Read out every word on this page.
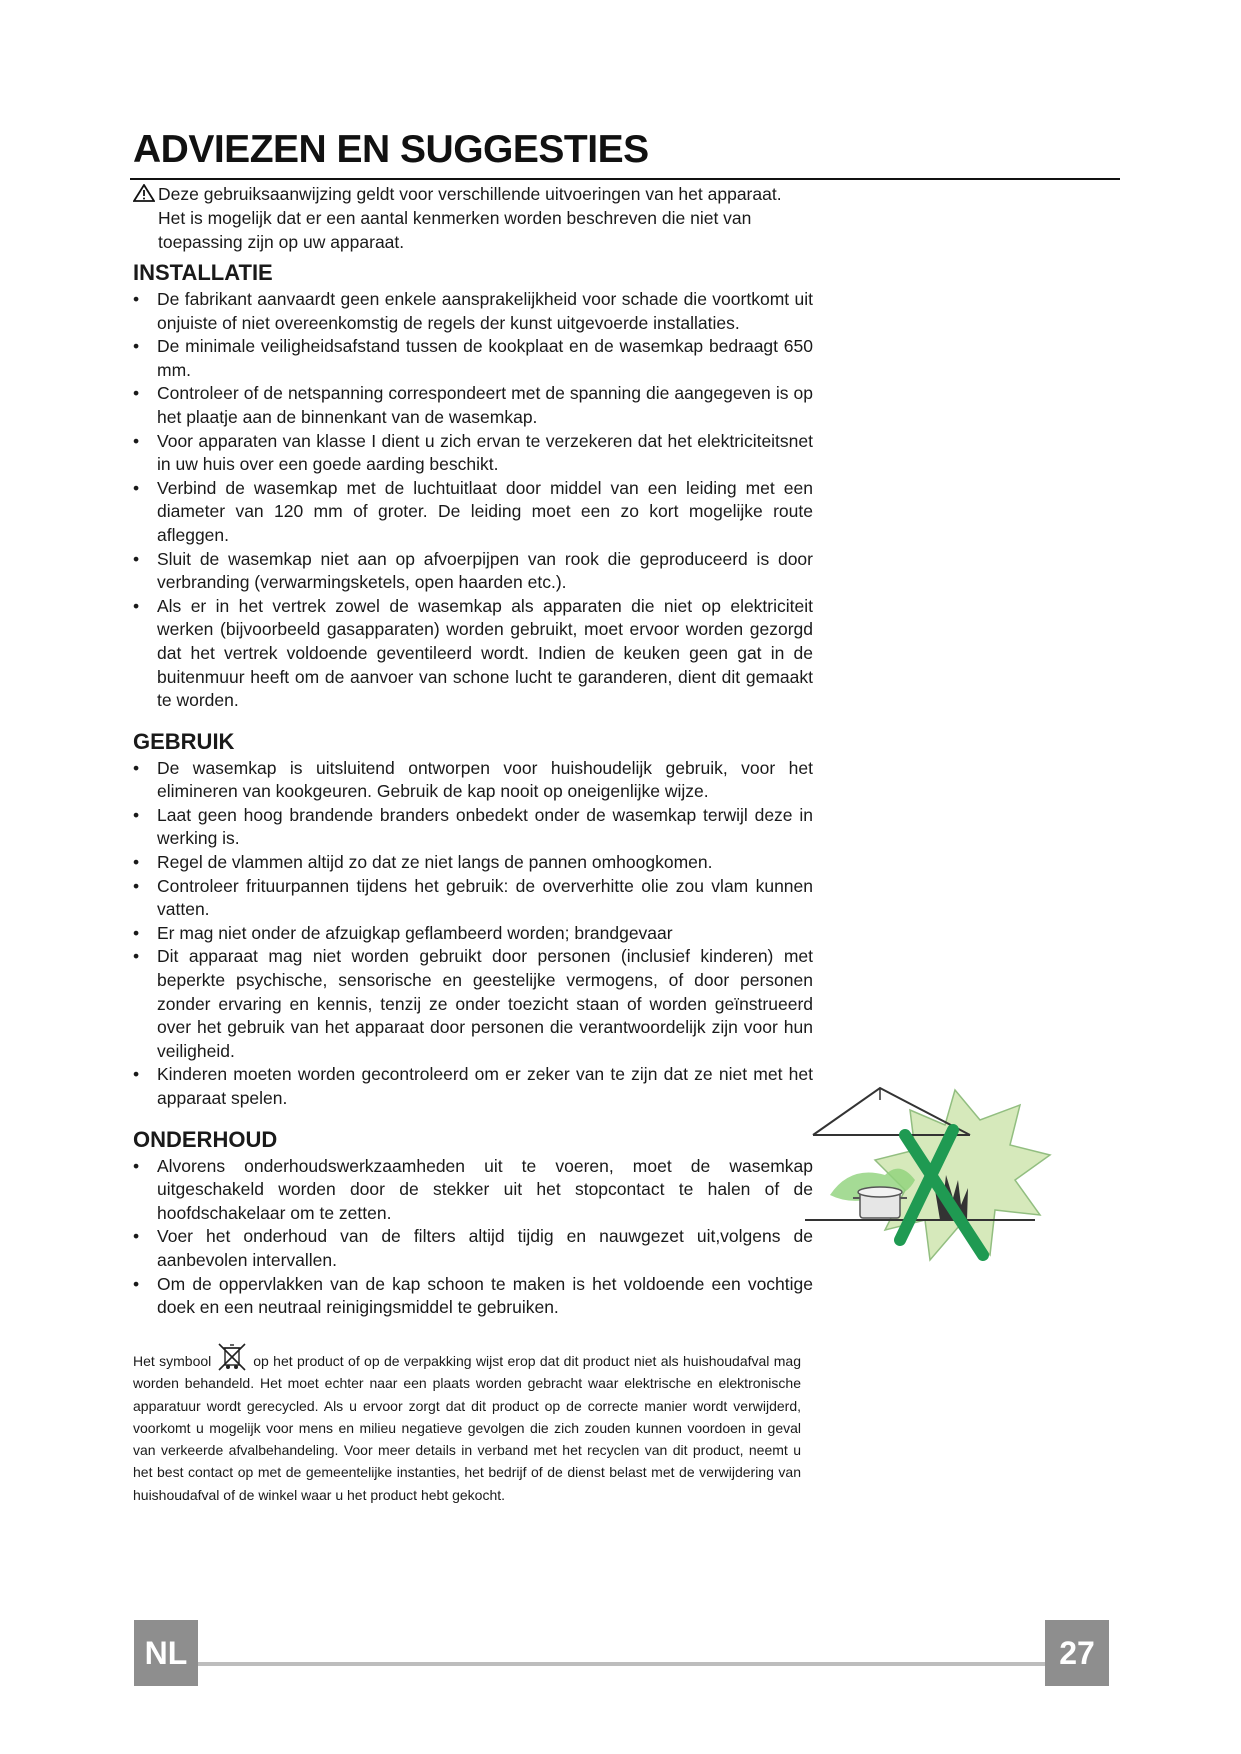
ADVIEZEN EN SUGGESTIES
Deze gebruiksaanwijzing geldt voor verschillende uitvoeringen van het apparaat.
Het is mogelijk dat er een aantal kenmerken worden beschreven die niet van toepassing zijn op uw apparaat.
INSTALLATIE
• De fabrikant aanvaardt geen enkele aansprakelijkheid voor schade die voortkomt uit onjuiste of niet overeenkomstig de regels der kunst uitgevoerde installaties.
• De minimale veiligheidsafstand tussen de kookplaat en de wasemkap bedraagt 650 mm.
• Controleer of de netspanning correspondeert met de spanning die aangegeven is op het plaatje aan de binnenkant van de wasemkap.
• Voor apparaten van klasse I dient u zich ervan te verzekeren dat het elektriciteitsnet in uw huis over een goede aarding beschikt.
• Verbind de wasemkap met de luchtuitlaat door middel van een leiding met een diameter van 120 mm of groter. De leiding moet een zo kort mogelijke route afleggen.
• Sluit de wasemkap niet aan op afvoerpijpen van rook die geproduceerd is door verbranding (verwarmingsketels, open haarden etc.).
• Als er in het vertrek zowel de wasemkap als apparaten die niet op elektriciteit werken (bijvoorbeeld gasapparaten) worden gebruikt, moet ervoor worden gezorgd dat het vertrek voldoende geventileerd wordt. Indien de keuken geen gat in de buitenmuur heeft om de aanvoer van schone lucht te garanderen, dient dit gemaakt te worden.
GEBRUIK
• De wasemkap is uitsluitend ontworpen voor huishoudelijk gebruik, voor het elimineren van kookgeuren. Gebruik de kap nooit op oneigenlijke wijze.
• Laat geen hoog brandende branders onbedekt onder de wasemkap terwijl deze in werking is.
• Regel de vlammen altijd zo dat ze niet langs de pannen omhoogkomen.
• Controleer frituurpannen tijdens het gebruik: de oververhitte olie zou vlam kunnen vatten.
• Er mag niet onder de afzuigkap geflambeerd worden; brandgevaar
• Dit apparaat mag niet worden gebruikt door personen (inclusief kinderen) met beperkte psychische, sensorische en geestelijke vermogens, of door personen zonder ervaring en kennis, tenzij ze onder toezicht staan of worden geïnstrueerd over het gebruik van het apparaat door personen die verantwoordelijk zijn voor hun veiligheid.
• Kinderen moeten worden gecontroleerd om er zeker van te zijn dat ze niet met het apparaat spelen.
ONDERHOUD
• Alvorens onderhoudswerkzaamheden uit te voeren, moet de wasemkap uitgeschakeld worden door de stekker uit het stopcontact te halen of de hoofdschakelaar om te zetten.
• Voer het onderhoud van de filters altijd tijdig en nauwgezet uit,volgens de aanbevolen intervallen.
• Om de oppervlakken van de kap schoon te maken is het voldoende een vochtige doek en een neutraal reinigingsmiddel te gebruiken.
Het symbool	op het product of op de verpakking wijst erop dat dit product niet als huishoudafval mag worden behandeld. Het moet echter naar een plaats worden gebracht waar elektrische en elektronische apparatuur wordt gerecycled. Als u ervoor zorgt dat dit product op de correcte manier wordt verwijderd, voorkomt u mogelijk voor mens en milieu negatieve gevolgen die zich zouden kunnen voordoen in geval van verkeerde afvalbehandeling. Voor meer details in verband met het recyclen van dit product, neemt u het best contact op met de gemeentelijke instanties, het bedrijf of de dienst belast met de verwijdering van huishoudafval of de winkel waar u het product hebt gekocht.
NL	27
